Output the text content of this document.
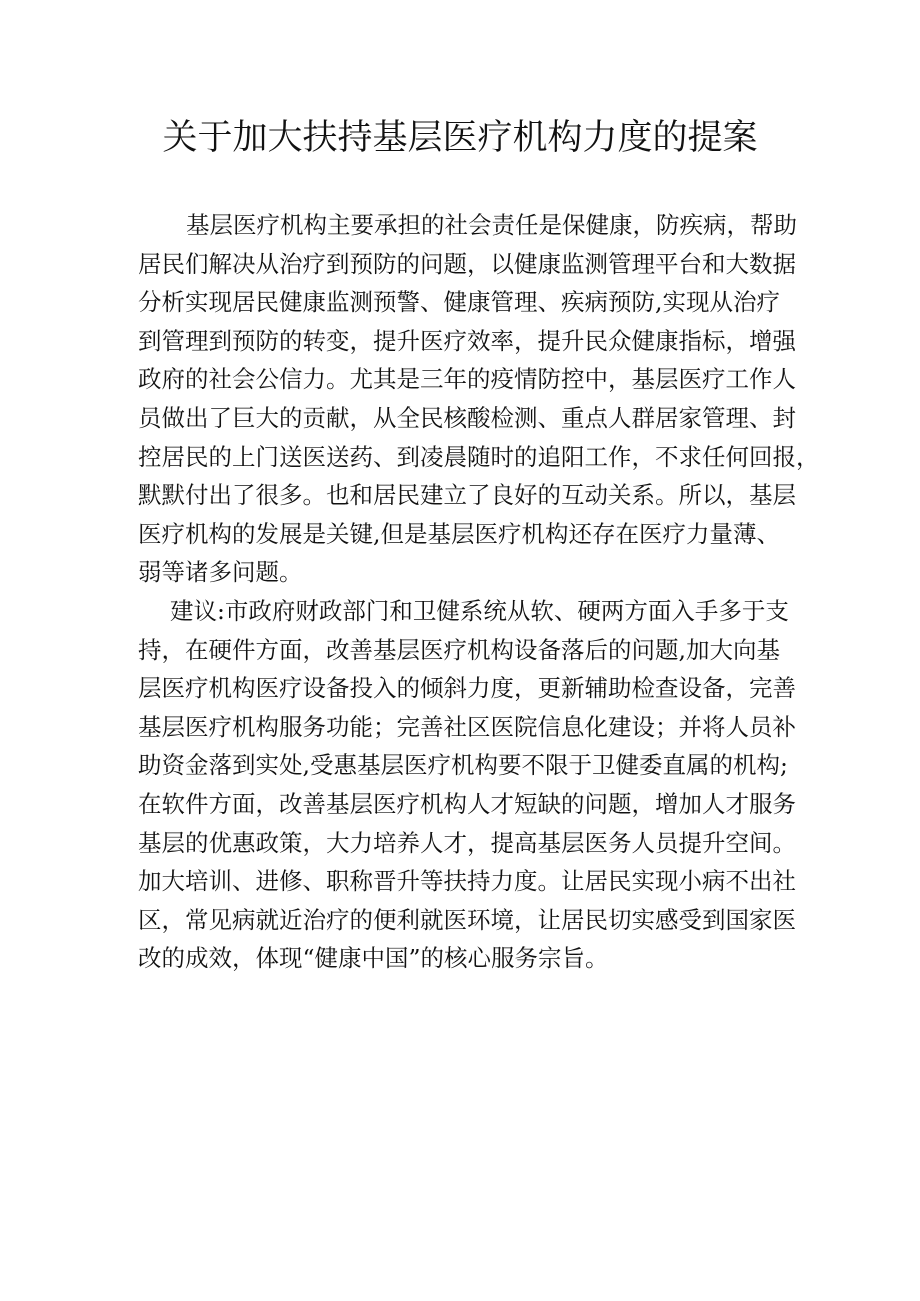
关于加大扶持基层医疗机构力度的提案
基层医疗机构主要承担的社会责任是保健康，防疾病，帮助
居民们解决从治疗到预防的问题，以健康监测管理平台和大数据
分析实现居民健康监测预警、健康管理、疾病预防,实现从治疗
到管理到预防的转变，提升医疗效率，提升民众健康指标，增强
政府的社会公信力。尤其是三年的疫情防控中，基层医疗工作人
员做出了巨大的贡献，从全民核酸检测、重点人群居家管理、封
控居民的上门送医送药、到凌晨随时的追阳工作，不求任何回报，
默默付出了很多。也和居民建立了良好的互动关系。所以，基层
医疗机构的发展是关键,但是基层医疗机构还存在医疗力量薄、
弱等诸多问题。
建议:市政府财政部门和卫健系统从软、硬两方面入手多于支
持，在硬件方面，改善基层医疗机构设备落后的问题,加大向基
层医疗机构医疗设备投入的倾斜力度，更新辅助检查设备，完善
基层医疗机构服务功能；完善社区医院信息化建设；并将人员补
助资金落到实处,受惠基层医疗机构要不限于卫健委直属的机构;
在软件方面，改善基层医疗机构人才短缺的问题，增加人才服务
基层的优惠政策，大力培养人才，提高基层医务人员提升空间。
加大培训、进修、职称晋升等扶持力度。让居民实现小病不出社
区，常见病就近治疗的便利就医环境，让居民切实感受到国家医
改的成效，体现“健康中国”的核心服务宗旨。
